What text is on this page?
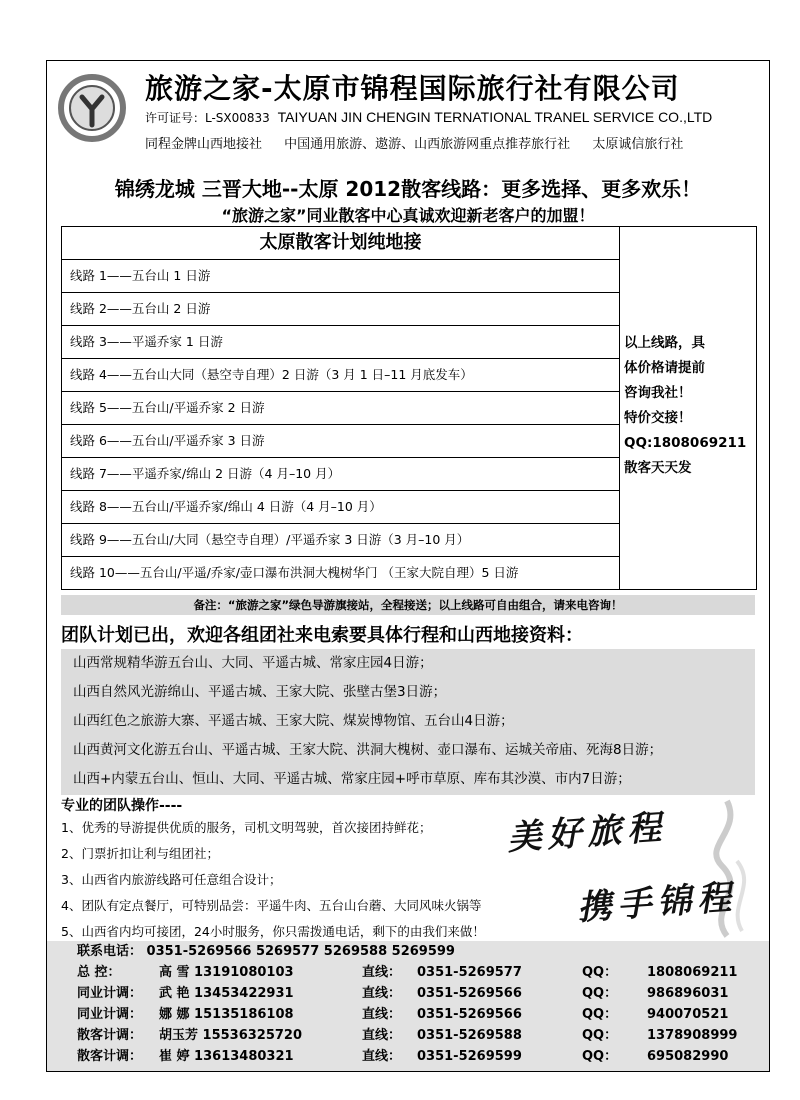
旅游之家-太原市锦程国际旅行社有限公司
许可证号：L-SX00833 TAIYUAN JIN CHENGIN TERNATIONAL TRANEL SERVICE CO.,LTD
同程金牌山西地接社 中国通用旅游、遨游、山西旅游网重点推荐旅行社 太原诚信旅行社
锦绣龙城 三晋大地--太原 2012散客线路：更多选择、更多欢乐！
“旅游之家”同业散客中心真诚欢迎新老客户的加盟！
太原散客计划纯地接
线路 1——五台山 1 日游
线路 2——五台山 2 日游
线路 3——平遥乔家 1 日游
线路 4——五台山大同（悬空寺自理）2 日游（3 月 1 日–11 月底发车）
线路 5——五台山/平遥乔家 2 日游
线路 6——五台山/平遥乔家 3 日游
线路 7——平遥乔家/绵山 2 日游（4 月–10 月）
线路 8——五台山/平遥乔家/绵山 4 日游（4 月–10 月）
线路 9——五台山/大同（悬空寺自理）/平遥乔家 3 日游（3 月–10 月）
线路 10——五台山/平遥/乔家/壶口瀑布洪洞大槐树华门 （王家大院自理）5 日游
以上线路，具
体价格请提前
咨询我社！
特价交接！
QQ:1808069211
散客天天发
备注：“旅游之家”绿色导游旗接站，全程接送；以上线路可自由组合，请来电咨询！
团队计划已出，欢迎各组团社来电索要具体行程和山西地接资料：
山西常规精华游五台山、大同、平遥古城、常家庄园4日游；
山西自然风光游绵山、平遥古城、王家大院、张壁古堡3日游；
山西红色之旅游大寨、平遥古城、王家大院、煤炭博物馆、五台山4日游；
山西黄河文化游五台山、平遥古城、王家大院、洪洞大槐树、壶口瀑布、运城关帝庙、死海8日游；
山西+内蒙五台山、恒山、大同、平遥古城、常家庄园+呼市草原、库布其沙漠、市内7日游；
专业的团队操作----
1、优秀的导游提供优质的服务，司机文明驾驶，首次接团持鲜花；
2、门票折扣让利与组团社；
3、山西省内旅游线路可任意组合设计；
4、团队有定点餐厅，可特别品尝：平遥牛肉、五台山台蘑、大同风味火锅等
5、山西省内均可接团，24小时服务，你只需拨通电话，剩下的由我们来做！
美好旅程
携手锦程
联系电话： 0351-5269566 5269577 5269588 5269599
总 控：	高 雪 13191080103	直线： 0351-5269577	QQ： 1808069211
同业计调： 武 艳 13453422931	直线： 0351-5269566	QQ： 986896031
同业计调： 娜 娜 15135186108	直线： 0351-5269566	QQ： 940070521
散客计调： 胡玉芳 15536325720	直线： 0351-5269588	QQ： 1378908999
散客计调： 崔 婷 13613480321	直线： 0351-5269599	QQ： 695082990
